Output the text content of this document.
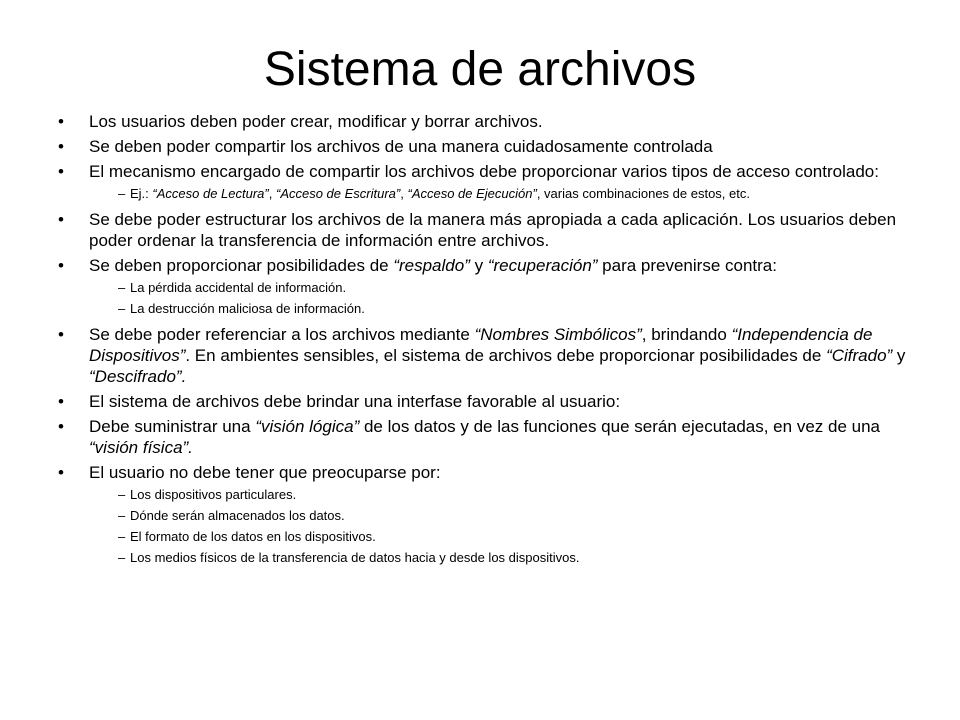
Sistema de archivos
•	Los usuarios deben poder crear, modificar y borrar archivos.
•	Se deben poder compartir los archivos de una manera cuidadosamente controlada
•	El mecanismo encargado de compartir los archivos debe proporcionar varios tipos de acceso controlado:
– Ej.: “Acceso de Lectura”, “Acceso de Escritura”, “Acceso de Ejecución”, varias combinaciones de estos, etc.
•	Se debe poder estructurar los archivos de la manera más apropiada a cada aplicación. Los usuarios deben poder ordenar la transferencia de información entre archivos.
•	Se deben proporcionar posibilidades de “respaldo” y “recuperación” para prevenirse contra:
– La pérdida accidental de información.
– La destrucción maliciosa de información.
•	Se debe poder referenciar a los archivos mediante “Nombres Simbólicos”, brindando “Independencia de Dispositivos”. En ambientes sensibles, el sistema de archivos debe proporcionar posibilidades de “Cifrado” y “Descifrado”.
•	El sistema de archivos debe brindar una interfase favorable al usuario:
•	Debe suministrar una “visión lógica” de los datos y de las funciones que serán ejecutadas, en vez de una “visión física”.
•	El usuario no debe tener que preocuparse por:
– Los dispositivos particulares.
– Dónde serán almacenados los datos.
– El formato de los datos en los dispositivos.
– Los medios físicos de la transferencia de datos hacia y desde los dispositivos.
